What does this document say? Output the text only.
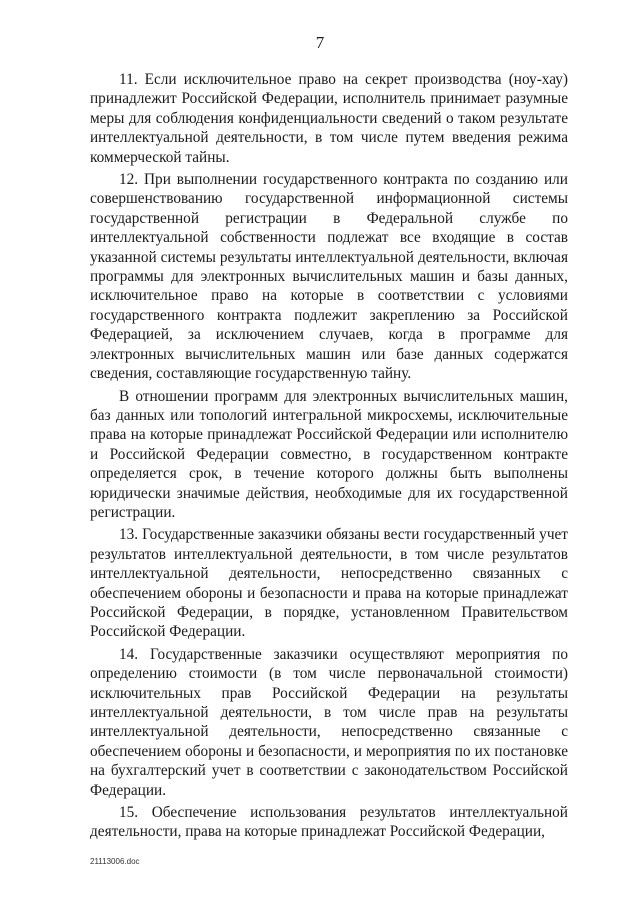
7

11. Если исключительное право на секрет производства (ноу-хау) принадлежит Российской Федерации, исполнитель принимает разумные меры для соблюдения конфиденциальности сведений о таком результате интеллектуальной деятельности, в том числе путем введения режима коммерческой тайны.

12. При выполнении государственного контракта по созданию или совершенствованию государственной информационной системы государственной регистрации в Федеральной службе по интеллектуальной собственности подлежат все входящие в состав указанной системы результаты интеллектуальной деятельности, включая программы для электронных вычислительных машин и базы данных, исключительное право на которые в соответствии с условиями государственного контракта подлежит закреплению за Российской Федерацией, за исключением случаев, когда в программе для электронных вычислительных машин или базе данных содержатся сведения, составляющие государственную тайну.

В отношении программ для электронных вычислительных машин, баз данных или топологий интегральной микросхемы, исключительные права на которые принадлежат Российской Федерации или исполнителю и Российской Федерации совместно, в государственном контракте определяется срок, в течение которого должны быть выполнены юридически значимые действия, необходимые для их государственной регистрации.

13. Государственные заказчики обязаны вести государственный учет результатов интеллектуальной деятельности, в том числе результатов интеллектуальной деятельности, непосредственно связанных с обеспечением обороны и безопасности и права на которые принадлежат Российской Федерации, в порядке, установленном Правительством Российской Федерации.

14. Государственные заказчики осуществляют мероприятия по определению стоимости (в том числе первоначальной стоимости) исключительных прав Российской Федерации на результаты интеллектуальной деятельности, в том числе прав на результаты интеллектуальной деятельности, непосредственно связанные с обеспечением обороны и безопасности, и мероприятия по их постановке на бухгалтерский учет в соответствии с законодательством Российской Федерации.

15. Обеспечение использования результатов интеллектуальной деятельности, права на которые принадлежат Российской Федерации,

21113006.doc
